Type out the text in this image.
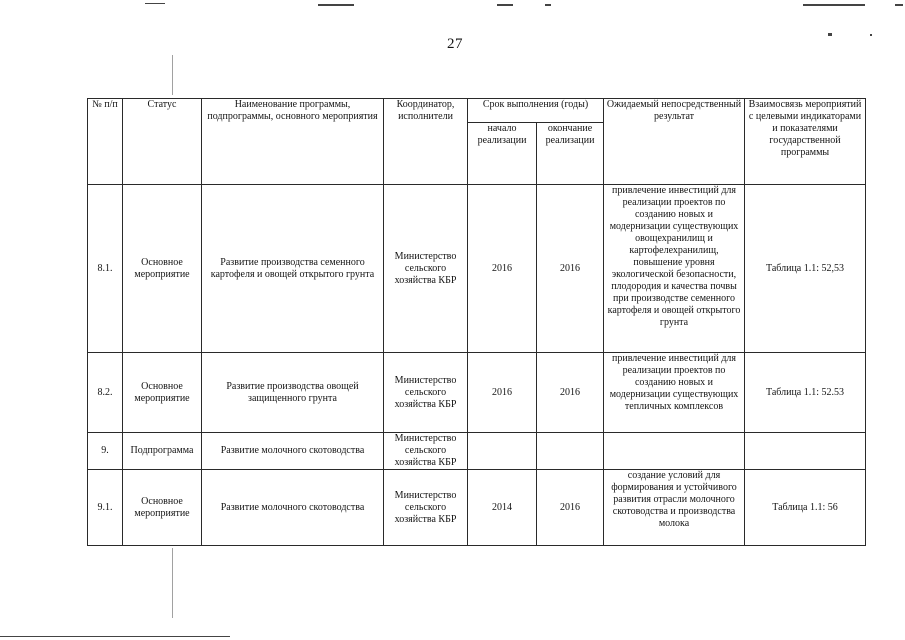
27
№ п/п	Статус	Наименование программы, подпрограммы, основного мероприятия	Координатор, исполнители	Срок выполнения (годы)		Ожидаемый непосредственный результат	Взаимосвязь мероприятий с целевыми индикаторами и показателями государственной программы
				начало реализации	окончание реализации		
8.1.	Основное мероприятие	Развитие производства семенного картофеля и овощей открытого грунта	Министерство сельского хозяйства КБР	2016	2016	привлечение инвестиций для реализации проектов по созданию новых и модернизации существующих овощехранилищ и картофелехранилищ, повышение уровня экологической безопасности, плодородия и качества почвы при производстве семенного картофеля и овощей открытого грунта	Таблица 1.1: 52,53
8.2.	Основное мероприятие	Развитие производства овощей защищенного грунта	Министерство сельского хозяйства КБР	2016	2016	привлечение инвестиций для реализации проектов по созданию новых и модернизации существующих тепличных комплексов	Таблица 1.1: 52.53
9.	Подпрограмма	Развитие молочного скотоводства	Министерство сельского хозяйства КБР				
9.1.	Основное мероприятие	Развитие молочного скотоводства	Министерство сельского хозяйства КБР	2014	2016	создание условий для формирования и устойчивого развития отрасли молочного скотоводства и производства молока	Таблица 1.1: 56
